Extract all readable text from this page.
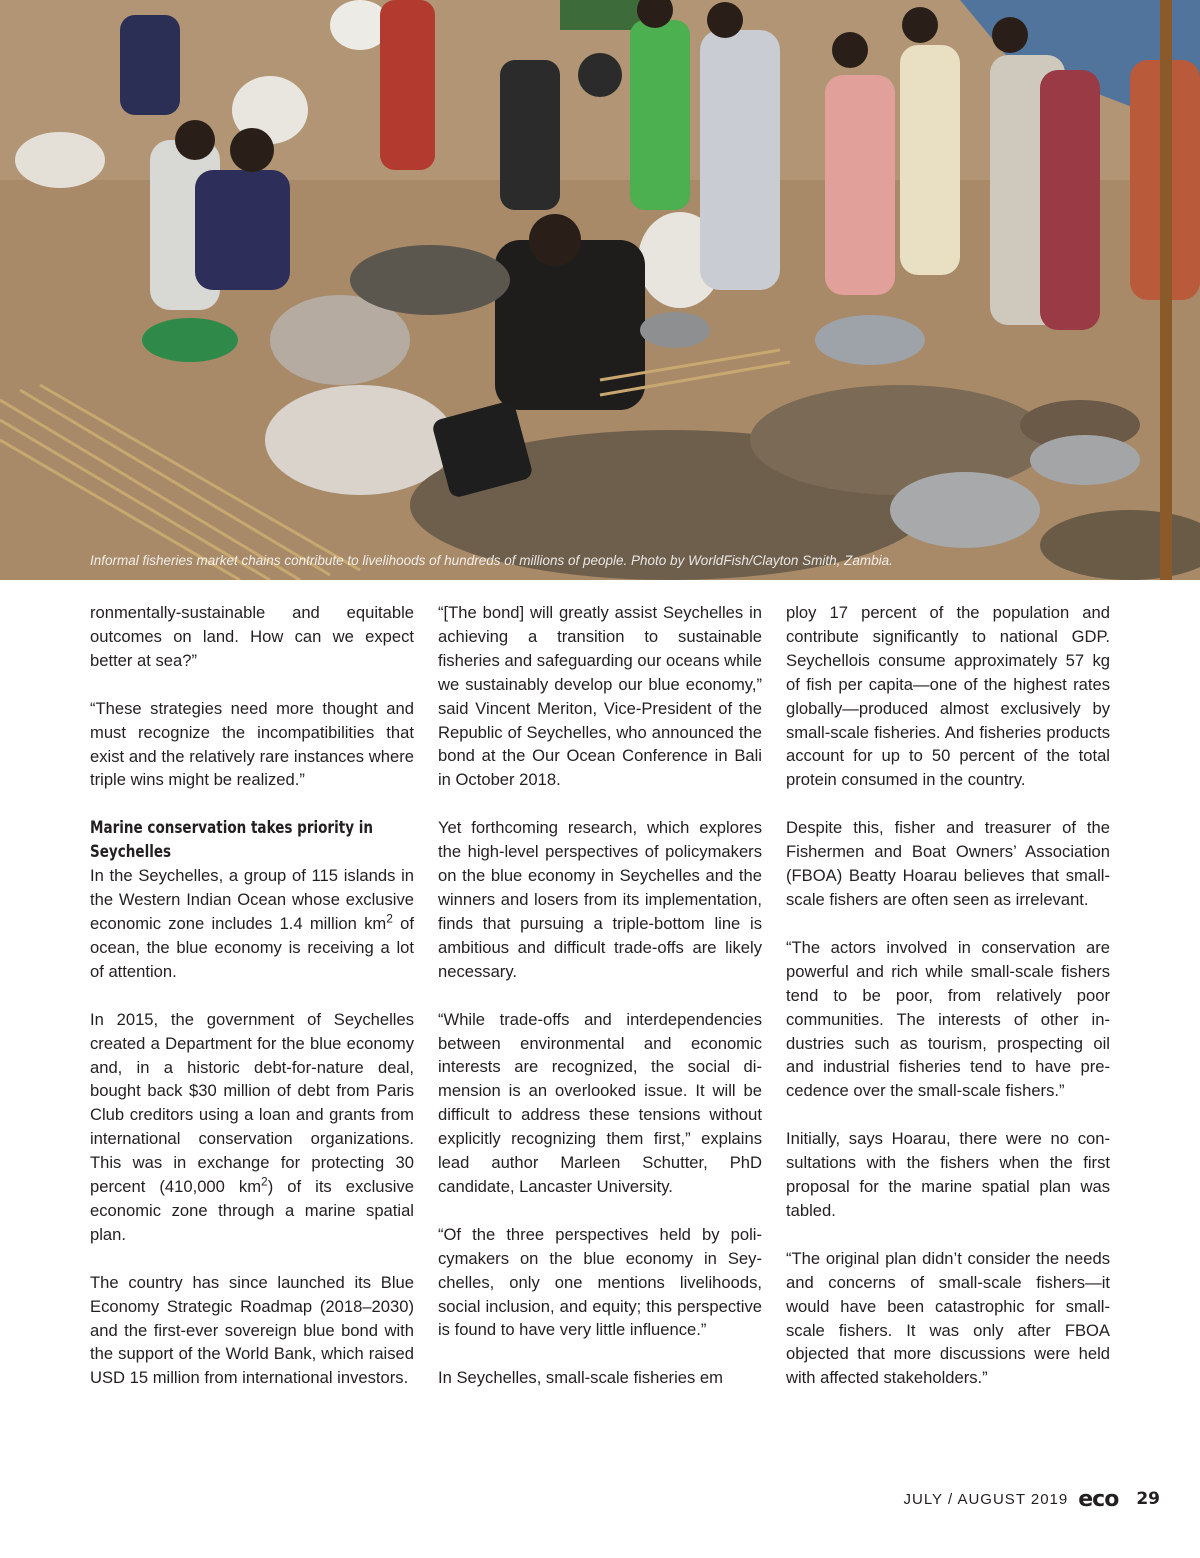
Informal fisheries market chains contribute to livelihoods of hundreds of millions of people. Photo by WorldFish/Clayton Smith, Zambia.

ronmentally-sustainable and equitable outcomes on land. How can we expect better at sea?”

“These strategies need more thought and must recognize the incompatibilities that exist and the relatively rare instances where triple wins might be realized.”

Marine conservation takes priority in Seychelles

In the Seychelles, a group of 115 islands in the Western Indian Ocean whose exclusive economic zone includes 1.4 million $km^2$ of ocean, the blue economy is receiving a lot of attention.

In 2015, the government of Seychelles created a Department for the blue economy and, in a historic debt-for-nature deal, bought back $30 million of debt from Paris Club creditors using a loan and grants from international conservation organizations. This was in exchange for protecting 30 percent (410,000 $km^2$) of its exclusive economic zone through a marine spatial plan.

The country has since launched its Blue Economy Strategic Roadmap (2018–2030) and the first-ever sovereign blue bond with the support of the World Bank, which raised USD 15 million from international investors.

“[The bond] will greatly assist Seychelles in achieving a transition to sustainable fisheries and safeguarding our oceans while we sustainably develop our blue economy,” said Vincent Meriton, Vice-President of the Republic of Seychelles, who announced the bond at the Our Ocean Conference in Bali in October 2018.

Yet forthcoming research, which explores the high-level perspectives of policymakers on the blue economy in Seychelles and the winners and losers from its implementation, finds that pursuing a triple-bottom line is ambitious and difficult trade-offs are likely necessary.

“While trade-offs and interdependencies between environmental and economic interests are recognized, the social dimension is an overlooked issue. It will be difficult to address these tensions without explicitly recognizing them first,” explains lead author Marleen Schutter, PhD candidate, Lancaster University.

“Of the three perspectives held by policymakers on the blue economy in Seychelles, only one mentions livelihoods, social inclusion, and equity; this perspective is found to have very little influence.”

In Seychelles, small-scale fisheries em

ploy 17 percent of the population and contribute significantly to national GDP. Seychellois consume approximately 57 kg of fish per capita—one of the highest rates globally—produced almost exclusively by small-scale fisheries. And fisheries products account for up to 50 percent of the total protein consumed in the country.

Despite this, fisher and treasurer of the Fishermen and Boat Owners’ Association (FBOA) Beatty Hoarau believes that small-scale fishers are often seen as irrelevant.

“The actors involved in conservation are powerful and rich while small-scale fishers tend to be poor, from relatively poor communities. The interests of other industries such as tourism, prospecting oil and industrial fisheries tend to have precedence over the small-scale fishers.”

Initially, says Hoarau, there were no consultations with the fishers when the first proposal for the marine spatial plan was tabled.

“The original plan didn’t consider the needs and concerns of small-scale fishers—it would have been catastrophic for small-scale fishers. It was only after FBOA objected that more discussions were held with affected stakeholders.”

JULY / AUGUST 2019 eco 29
